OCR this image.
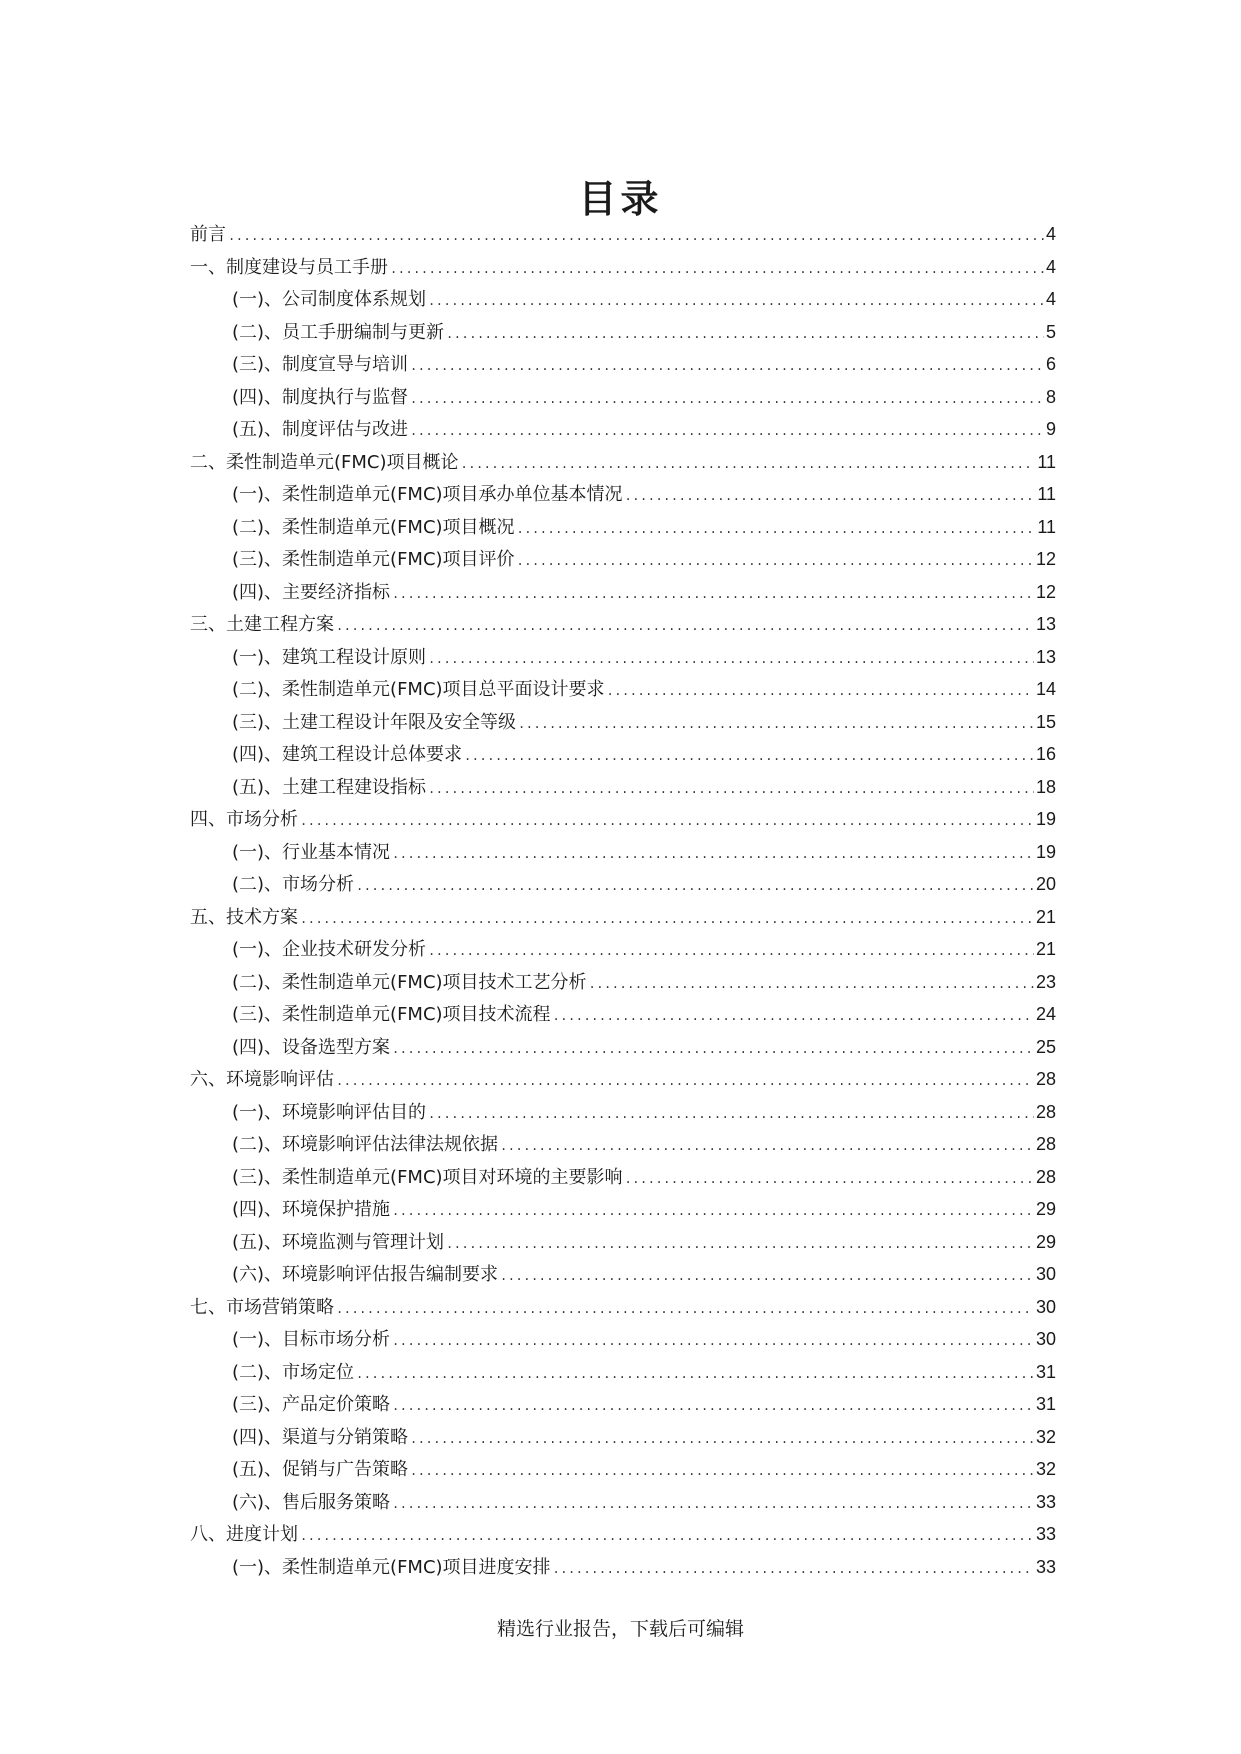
目录
前言 .....	4
一、制度建设与员工手册 .....	4
(一)、公司制度体系规划 .....	4
(二)、员工手册编制与更新 .....	5
(三)、制度宣导与培训 .....	6
(四)、制度执行与监督 .....	8
(五)、制度评估与改进 .....	9
二、柔性制造单元(FMC)项目概论 .....	11
(一)、柔性制造单元(FMC)项目承办单位基本情况 .....	11
(二)、柔性制造单元(FMC)项目概况 .....	11
(三)、柔性制造单元(FMC)项目评价 .....	12
(四)、主要经济指标 .....	12
三、土建工程方案 .....	13
(一)、建筑工程设计原则 .....	13
(二)、柔性制造单元(FMC)项目总平面设计要求 .....	14
(三)、土建工程设计年限及安全等级 .....	15
(四)、建筑工程设计总体要求 .....	16
(五)、土建工程建设指标 .....	18
四、市场分析 .....	19
(一)、行业基本情况 .....	19
(二)、市场分析 .....	20
五、技术方案 .....	21
(一)、企业技术研发分析 .....	21
(二)、柔性制造单元(FMC)项目技术工艺分析 .....	23
(三)、柔性制造单元(FMC)项目技术流程 .....	24
(四)、设备选型方案 .....	25
六、环境影响评估 .....	28
(一)、环境影响评估目的 .....	28
(二)、环境影响评估法律法规依据 .....	28
(三)、柔性制造单元(FMC)项目对环境的主要影响 .....	28
(四)、环境保护措施 .....	29
(五)、环境监测与管理计划 .....	29
(六)、环境影响评估报告编制要求 .....	30
七、市场营销策略 .....	30
(一)、目标市场分析 .....	30
(二)、市场定位 .....	31
(三)、产品定价策略 .....	31
(四)、渠道与分销策略 .....	32
(五)、促销与广告策略 .....	32
(六)、售后服务策略 .....	33
八、进度计划 .....	33
(一)、柔性制造单元(FMC)项目进度安排 .....	33
精选行业报告，下载后可编辑
